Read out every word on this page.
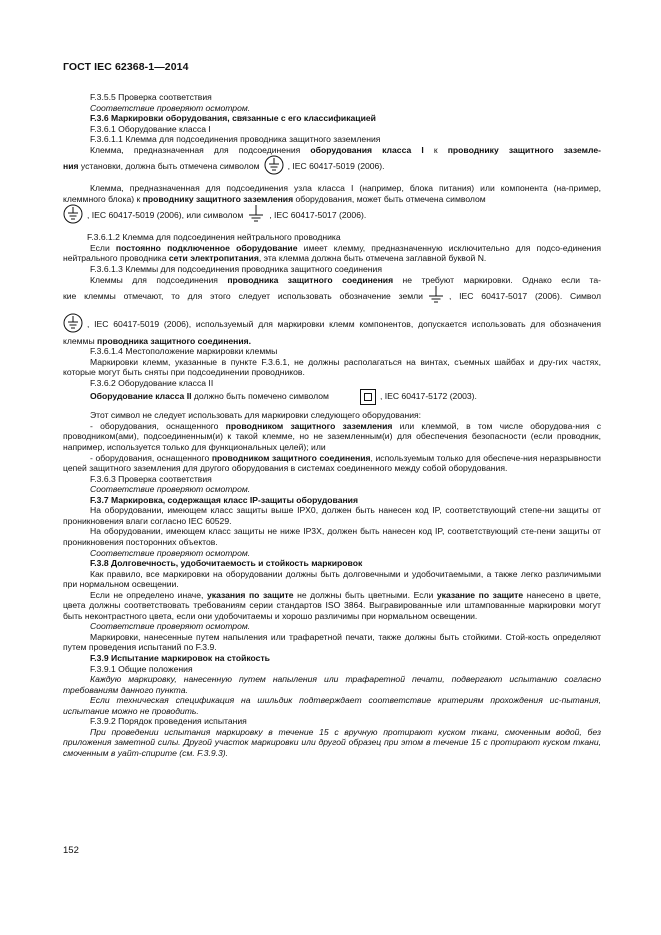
ГОСТ IEC 62368-1—2014

F.3.5.5 Проверка соответствия

Соответствие проверяют осмотром.

F.3.6 Маркировки оборудования, связанные с его классификацией

F.3.6.1 Оборудование класса I

F.3.6.1.1 Клемма для подсоединения проводника защитного заземления

Клемма, предназначенная для подсоединения оборудования класса I к проводнику защитного заземле-

ния установки, должна быть отмечена символом	, IEC 60417-5019 (2006).

Клемма, предназначенная для подсоединения узла класса I (например, блока питания) или компонента (на-пример, клеммного блока) к проводнику защитного заземления оборудования, может быть отмечена символом

, IEC 60417-5019 (2006), или символом	, IEC 60417-5017 (2006).

F.3.6.1.2 Клемма для подсоединения нейтрального проводника

Если постоянно подключенное оборудование имеет клемму, предназначенную исключительно для подсо-единения нейтрального проводника сети электропитания, эта клемма должна быть отмечена заглавной буквой N.

F.3.6.1.3 Клеммы для подсоединения проводника защитного соединения

Клеммы для подсоединения проводника защитного соединения не требуют маркировки. Однако если та-

кие клеммы отмечают, то для этого следует использовать обозначение земли	, IEC 60417-5017 (2006). Символ

, IEC 60417-5019 (2006), используемый для маркировки клемм компонентов, допускается использовать для обозначения клеммы проводника защитного соединения.

F.3.6.1.4 Местоположение маркировки клеммы

Маркировки клемм, указанные в пункте F.3.6.1, не должны располагаться на винтах, съемных шайбах и дру-гих частях, которые могут быть сняты при подсоединении проводников.

F.3.6.2 Оборудование класса II

Оборудование класса II должно быть помечено символом	, IEC 60417-5172 (2003).

Этот символ не следует использовать для маркировки следующего оборудования:

- оборудования, оснащенного проводником защитного заземления или клеммой, в том числе оборудова-ния с проводником(ами), подсоединенным(и) к такой клемме, но не заземленным(и) для обеспечения безопасности (если проводник, например, используется только для функциональных целей); или

- оборудования, оснащенного проводником защитного соединения, используемым только для обеспече-ния неразрывности цепей защитного заземления для другого оборудования в системах соединенного между собой оборудования.

F.3.6.3 Проверка соответствия

Соответствие проверяют осмотром.

F.3.7 Маркировка, содержащая класс IP-защиты оборудования

На оборудовании, имеющем класс защиты выше IPX0, должен быть нанесен код IP, соответствующий степе-ни защиты от проникновения влаги согласно IEC 60529.

На оборудовании, имеющем класс защиты не ниже IP3X, должен быть нанесен код IP, соответствующий сте-пени защиты от проникновения посторонних объектов.

Соответствие проверяют осмотром.

F.3.8 Долговечность, удобочитаемость и стойкость маркировок

Как правило, все маркировки на оборудовании должны быть долговечными и удобочитаемыми, а также легко различимыми при нормальном освещении.

Если не определено иначе, указания по защите не должны быть цветными. Если указание по защите нанесено в цвете, цвета должны соответствовать требованиям серии стандартов ISO 3864. Выгравированные или штампованные маркировки могут быть неконтрастного цвета, если они удобочитаемы и хорошо различимы при нормальном освещении.

Соответствие проверяют осмотром.

Маркировки, нанесенные путем напыления или трафаретной печати, также должны быть стойкими. Стой-кость определяют путем проведения испытаний по F.3.9.

F.3.9 Испытание маркировок на стойкость

F.3.9.1 Общие положения

Каждую маркировку, нанесенную путем напыления или трафаретной печати, подвергают испытанию согласно требованиям данного пункта.

Если техническая спецификация на шильдик подтверждает соответствие критериям прохождения ис-пытания, испытание можно не проводить.

F.3.9.2 Порядок проведения испытания

При проведении испытания маркировку в течение 15 с вручную протирают куском ткани, смоченным водой, без приложения заметной силы. Другой участок маркировки или другой образец при этом в течение 15 с протирают куском ткани, смоченным в уайт-спирите (см. F.3.9.3).

152
